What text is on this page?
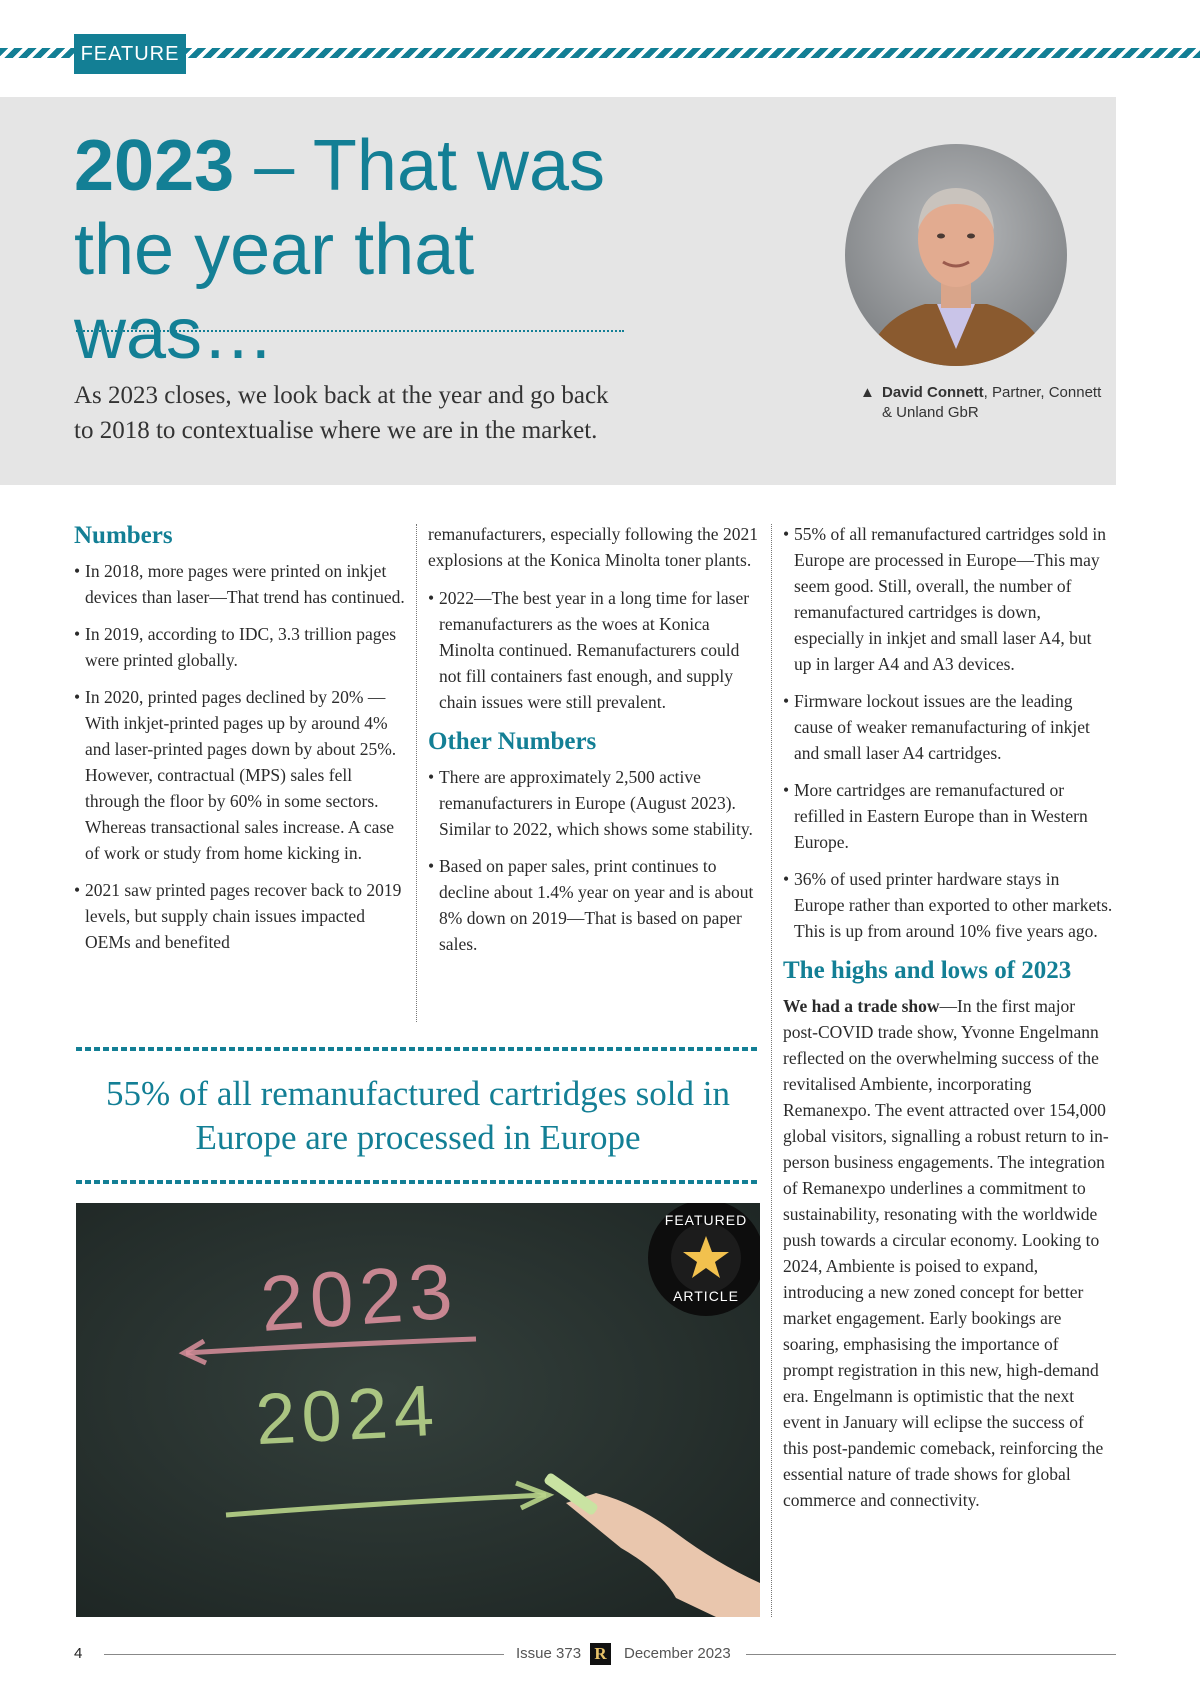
FEATURE
2023 – That was the year that was…

As 2023 closes, we look back at the year and go back to 2018 to contextualise where we are in the market.

▲ David Connett, Partner, Connett & Unland GbR
Numbers
• In 2018, more pages were printed on inkjet devices than laser—That trend has continued.
• In 2019, according to IDC, 3.3 trillion pages were printed globally.
• In 2020, printed pages declined by 20% —With inkjet-printed pages up by around 4% and laser-printed pages down by about 25%. However, contractual (MPS) sales fell through the floor by 60% in some sectors. Whereas transactional sales increase. A case of work or study from home kicking in.
• 2021 saw printed pages recover back to 2019 levels, but supply chain issues impacted OEMs and benefited

remanufacturers, especially following the 2021 explosions at the Konica Minolta toner plants.

• 2022—The best year in a long time for laser remanufacturers as the woes at Konica Minolta continued. Remanufacturers could not fill containers fast enough, and supply chain issues were still prevalent.
Other Numbers
• There are approximately 2,500 active remanufacturers in Europe (August 2023). Similar to 2022, which shows some stability.
• Based on paper sales, print continues to decline about 1.4% year on year and is about 8% down on 2019—That is based on paper sales.
• 55% of all remanufactured cartridges sold in Europe are processed in Europe—This may seem good. Still, overall, the number of remanufactured cartridges is down, especially in inkjet and small laser A4, but up in larger A4 and A3 devices.
• Firmware lockout issues are the leading cause of weaker remanufacturing of inkjet and small laser A4 cartridges.
• More cartridges are remanufactured or refilled in Eastern Europe than in Western Europe.
• 36% of used printer hardware stays in Europe rather than exported to other markets. This is up from around 10% five years ago.
The highs and lows of 2023

We had a trade show—In the first major post-COVID trade show, Yvonne Engelmann reflected on the overwhelming success of the revitalised Ambiente, incorporating Remanexpo. The event attracted over 154,000 global visitors, signalling a robust return to in-person business engagements. The integration of Remanexpo underlines a commitment to sustainability, resonating with the worldwide push towards a circular economy. Looking to 2024, Ambiente is poised to expand, introducing a new zoned concept for better market engagement. Early bookings are soaring, emphasising the importance of prompt registration in this new, high-demand era. Engelmann is optimistic that the next event in January will eclipse the success of this post-pandemic comeback, reinforcing the essential nature of trade shows for global commerce and connectivity.

55% of all remanufactured cartridges sold in Europe are processed in Europe

2023
2024
FEATURED
ARTICLE
4	Issue 373 R December 2023
